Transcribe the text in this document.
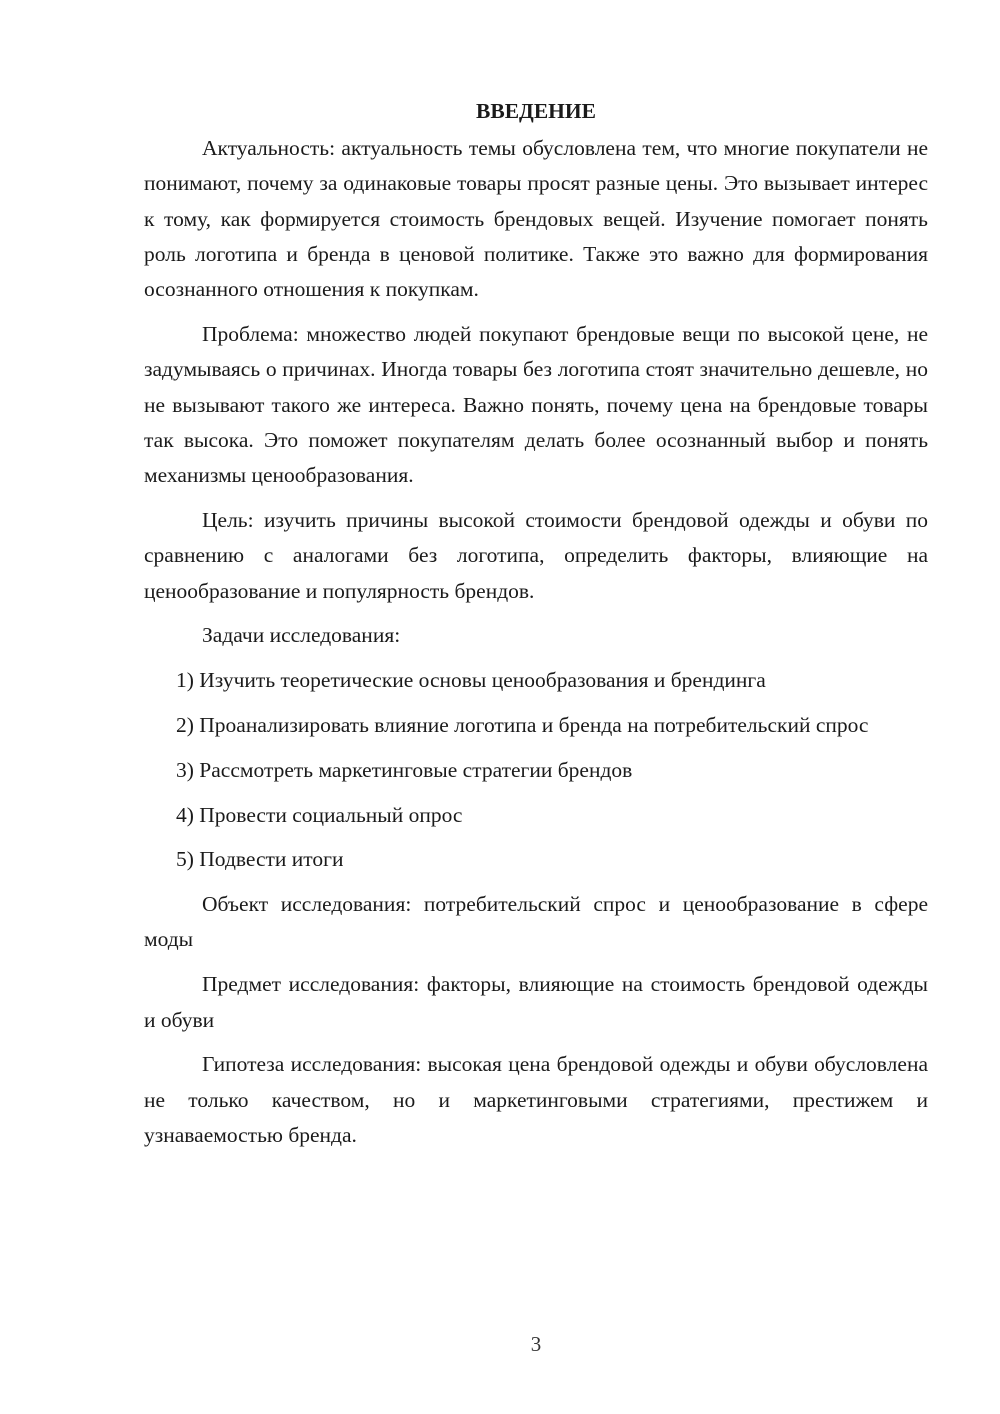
ВВЕДЕНИЕ

Актуальность: актуальность темы обусловлена тем, что многие покупатели не понимают, почему за одинаковые товары просят разные цены. Это вызывает интерес к тому, как формируется стоимость брендовых вещей. Изучение помогает понять роль логотипа и бренда в ценовой политике. Также это важно для формирования осознанного отношения к покупкам.

Проблема: множество людей покупают брендовые вещи по высокой цене, не задумываясь о причинах. Иногда товары без логотипа стоят значительно дешевле, но не вызывают такого же интереса. Важно понять, почему цена на брендовые товары так высока. Это поможет покупателям делать более осознанный выбор и понять механизмы ценообразования.

Цель: изучить причины высокой стоимости брендовой одежды и обуви по сравнению с аналогами без логотипа, определить факторы, влияющие на ценообразование и популярность брендов.

Задачи исследования:

1) Изучить теоретические основы ценообразования и брендинга

2) Проанализировать влияние логотипа и бренда на потребительский спрос

3) Рассмотреть маркетинговые стратегии брендов

4) Провести социальный опрос

5) Подвести итоги

Объект исследования: потребительский спрос и ценообразование в сфере моды

Предмет исследования: факторы, влияющие на стоимость брендовой одежды и обуви

Гипотеза исследования: высокая цена брендовой одежды и обуви обусловлена не только качеством, но и маркетинговыми стратегиями, престижем и узнаваемостью бренда.

3
